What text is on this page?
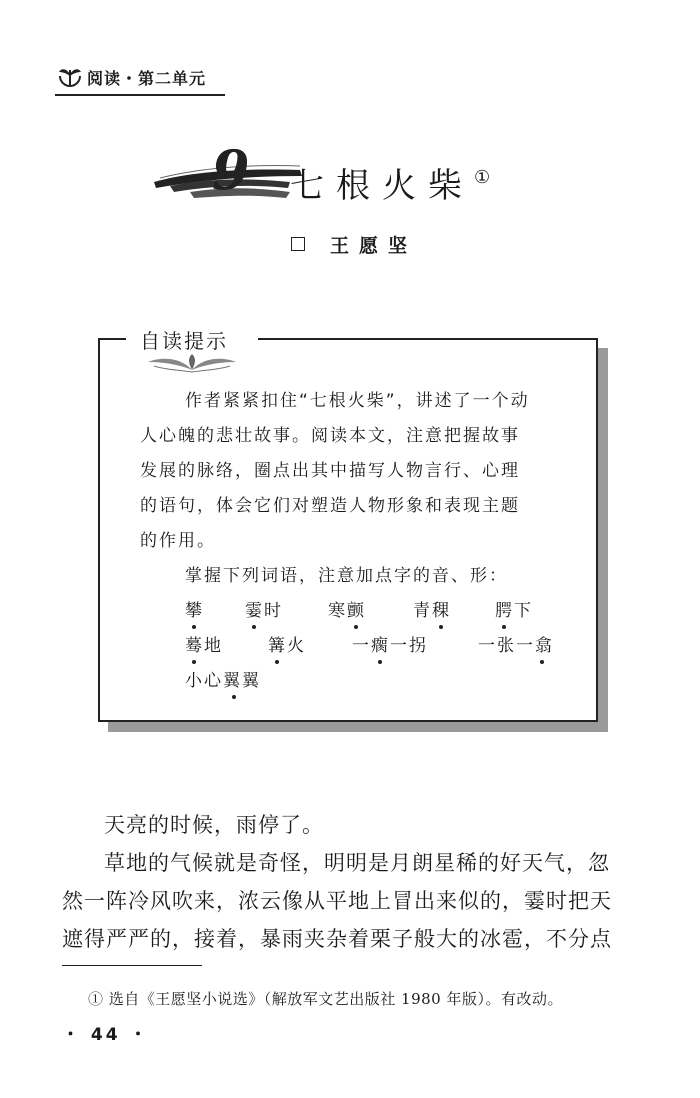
阅读・第二单元
9 七根火柴①
王愿坚
自读提示

作者紧紧扣住“七根火柴”，讲述了一个动

人心魄的悲壮故事。阅读本文，注意把握故事

发展的脉络，圈点出其中描写人物言行、心理

的语句，体会它们对塑造人物形象和表现主题

的作用。

掌握下列词语，注意加点字的音、形：

攀 霎时	寒颤	青稞	腭下
蓦地	篝火	一瘸一拐	一张一翕
小心翼翼

天亮的时候，雨停了。

草地的气候就是奇怪，明明是月朗星稀的好天气，忽

然一阵冷风吹来，浓云像从平地上冒出来似的，霎时把天

遮得严严的，接着，暴雨夹杂着栗子般大的冰雹，不分点

① 选自《王愿坚小说选》（解放军文艺出版社 1980 年版）。有改动。
・ 44 ・
